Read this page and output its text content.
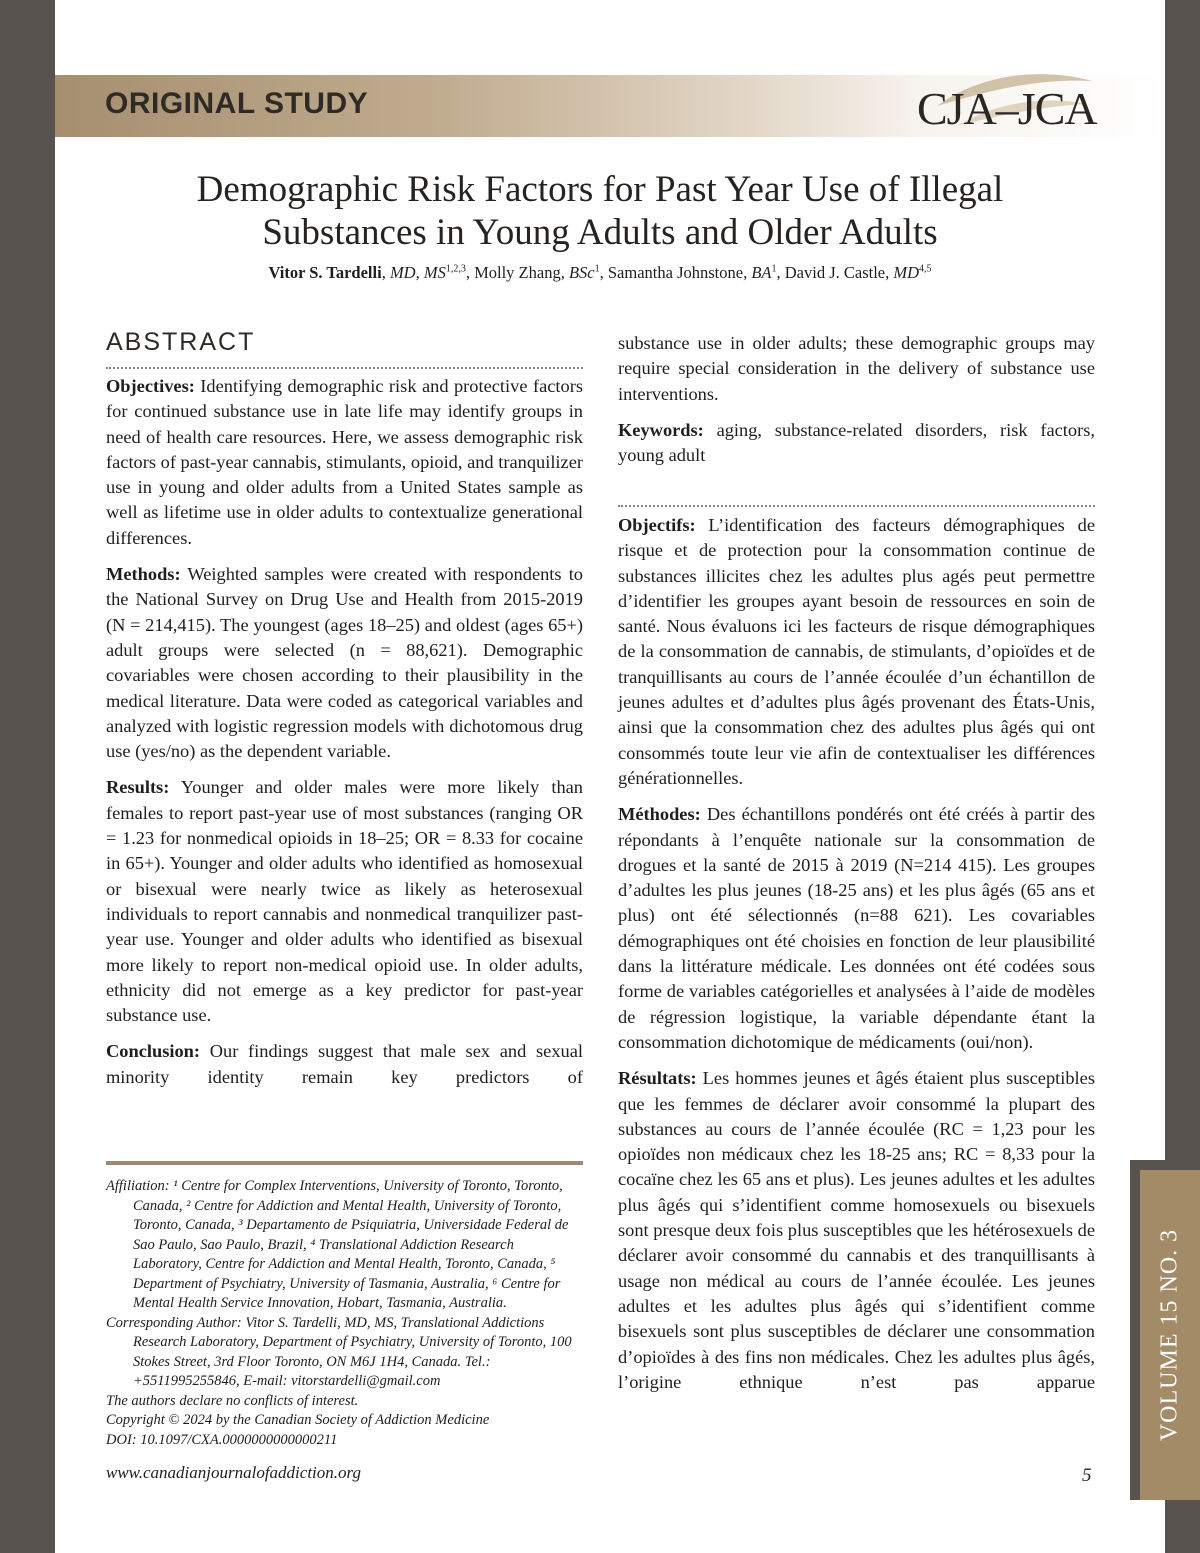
ORIGINAL STUDY	CJA–JCA
Demographic Risk Factors for Past Year Use of Illegal
Substances in Young Adults and Older Adults
Vitor S. Tardelli, MD, MS$^{1,2,3}$, Molly Zhang, BSc$^1$, Samantha Johnstone, $BA^1$, David J. Castle, MD$^{4,5}$
ABSTRACT

Objectives: Identifying demographic risk and protective factors for continued substance use in late life may identify groups in need of health care resources. Here, we assess demographic risk factors of past-year cannabis, stimulants, opioid, and tranquilizer use in young and older adults from a United States sample as well as lifetime use in older adults to contextualize generational differences.

Methods: Weighted samples were created with respondents to the National Survey on Drug Use and Health from 2015-2019 (N = 214,415). The youngest (ages 18–25) and oldest (ages 65+) adult groups were selected (n = 88,621). Demographic covariables were chosen according to their plausibility in the medical literature. Data were coded as categorical variables and analyzed with logistic regression models with dichotomous drug use (yes/no) as the dependent variable.

Results: Younger and older males were more likely than females to report past-year use of most substances (ranging OR = 1.23 for nonmedical opioids in 18–25; OR = 8.33 for cocaine in 65+). Younger and older adults who identified as homosexual or bisexual were nearly twice as likely as heterosexual individuals to report cannabis and nonmedical tranquilizer past-year use. Younger and older adults who identified as bisexual more likely to report non-medical opioid use. In older adults, ethnicity did not emerge as a key predictor for past-year substance use.

Conclusion: Our findings suggest that male sex and sexual minority identity remain key predictors of

Affiliation: ¹ Centre for Complex Interventions, University of Toronto, Toronto, Canada, ² Centre for Addiction and Mental Health, University of Toronto, Toronto, Canada, ³ Departamento de Psiquiatria, Universidade Federal de Sao Paulo, Sao Paulo, Brazil, ⁴ Translational Addiction Research Laboratory, Centre for Addiction and Mental Health, Toronto, Canada, ⁵ Department of Psychiatry, University of Tasmania, Australia, ⁶ Centre for Mental Health Service Innovation, Hobart, Tasmania, Australia.

Corresponding Author: Vitor S. Tardelli, MD, MS, Translational Addictions Research Laboratory, Department of Psychiatry, University of Toronto, 100 Stokes Street, 3rd Floor Toronto, ON M6J 1H4, Canada. Tel.: +5511995255846, E-mail: vitorstardelli@gmail.com

The authors declare no conflicts of interest.

Copyright © 2024 by the Canadian Society of Addiction Medicine

DOI: 10.1097/CXA.0000000000000211

substance use in older adults; these demographic groups may require special consideration in the delivery of substance use interventions.

Keywords: aging, substance-related disorders, risk factors, young adult

Objectifs: L’identification des facteurs démographiques de risque et de protection pour la consommation continue de substances illicites chez les adultes plus agés peut permettre d’identifier les groupes ayant besoin de ressources en soin de santé. Nous évaluons ici les facteurs de risque démographiques de la consommation de cannabis, de stimulants, d’opioïdes et de tranquillisants au cours de l’année écoulée d’un échantillon de jeunes adultes et d’adultes plus âgés provenant des États-Unis, ainsi que la consommation chez des adultes plus âgés qui ont consommés toute leur vie afin de contextualiser les différences générationnelles.

Méthodes: Des échantillons pondérés ont été créés à partir des répondants à l’enquête nationale sur la consommation de drogues et la santé de 2015 à 2019 (N=214 415). Les groupes d’adultes les plus jeunes (18-25 ans) et les plus âgés (65 ans et plus) ont été sélectionnés (n=88 621). Les covariables démographiques ont été choisies en fonction de leur plausibilité dans la littérature médicale. Les données ont été codées sous forme de variables catégorielles et analysées à l’aide de modèles de régression logistique, la variable dépendante étant la consommation dichotomique de médicaments (oui/non).

Résultats: Les hommes jeunes et âgés étaient plus susceptibles que les femmes de déclarer avoir consommé la plupart des substances au cours de l’année écoulée (RC = 1,23 pour les opioïdes non médicaux chez les 18-25 ans; RC = 8,33 pour la cocaïne chez les 65 ans et plus). Les jeunes adultes et les adultes plus âgés qui s’identifient comme homosexuels ou bisexuels sont presque deux fois plus susceptibles que les hétérosexuels de déclarer avoir consommé du cannabis et des tranquillisants à usage non médical au cours de l’année écoulée. Les jeunes adultes et les adultes plus âgés qui s’identifient comme bisexuels sont plus susceptibles de déclarer une consommation d’opioïdes à des fins non médicales. Chez les adultes plus âgés, l’origine ethnique n’est pas apparue

www.canadianjournalofaddiction.org	5
VOLUME 15 NO. 3
